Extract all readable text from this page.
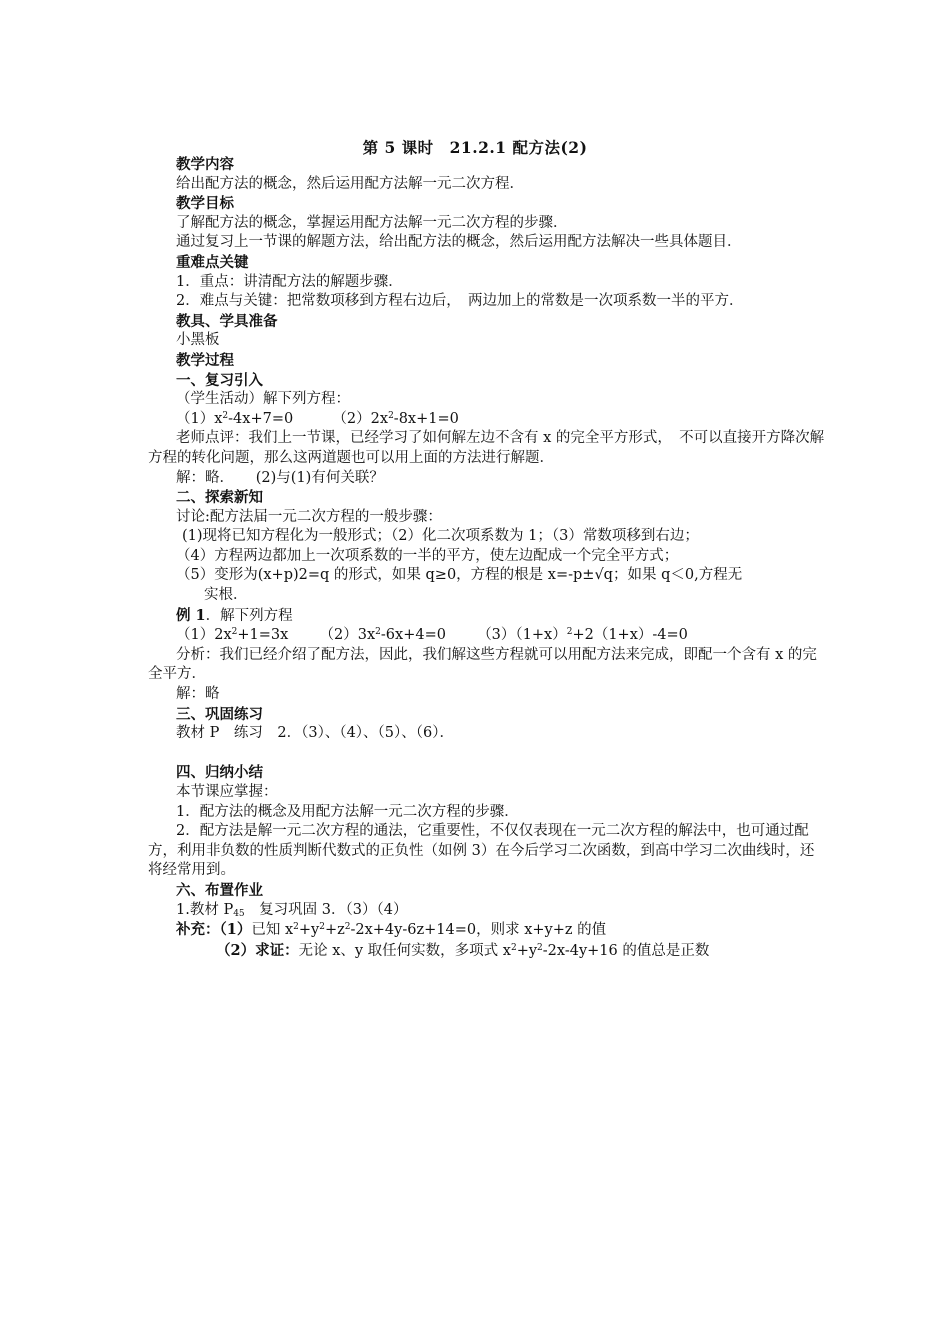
第 5 课时　21.2.1 配方法(2)
教学内容
给出配方法的概念，然后运用配方法解一元二次方程．
教学目标
了解配方法的概念，掌握运用配方法解一元二次方程的步骤．
通过复习上一节课的解题方法，给出配方法的概念，然后运用配方法解决一些具体题目．
重难点关键
1．重点：讲清配方法的解题步骤．
2．难点与关键：把常数项移到方程右边后，　两边加上的常数是一次项系数一半的平方．
教具、学具准备
小黑板
教学过程
一、复习引入
（学生活动）解下列方程：
$(1)x^2-4x+7=0$	$(2)2x^2-8x+1=0$
老师点评：我们上一节课，已经学习了如何解左边不含有 x 的完全平方形式，　不可以直接开方降次解方程的转化问题，那么这两道题也可以用上面的方法进行解题．
解：略．　　(2)与(1)有何关联？
二、探索新知
讨论:配方法届一元二次方程的一般步骤：
(1)现将已知方程化为一般形式；（2）化二次项系数为 1；（3）常数项移到右边；
（4）方程两边都加上一次项系数的一半的平方，使左边配成一个完全平方式；
（5）变形为(x+p)2=q 的形式，如果 q≥0，方程的根是 x=-p±√q；如果 q＜0,方程无
实根．
例 1．解下列方程
$(1)2x^2+1=3x$ $(2)3x^2-6x+4=0$ $(3)(1+x)^2+2(1+x)-4=0$
分析：我们已经介绍了配方法，因此，我们解这些方程就可以用配方法来完成，即配一个含有 x 的完全平方．
解：略
三、巩固练习
教材 P　练习　2．（3）、（4）、（5）、（6）．
四、归纳小结
本节课应掌握：
1．配方法的概念及用配方法解一元二次方程的步骤．
2．配方法是解一元二次方程的通法，它重要性，不仅仅表现在一元二次方程的解法中，也可通过配方，利用非负数的性质判断代数式的正负性（如例 3）在今后学习二次函数，到高中学习二次曲线时，还将经常用到。
六、布置作业
1.教材 $P_{45}$　复习巩固 3．（3）（4）
补充：（1）已知 $x^2+y^2+z^2-2x+4y-6z+14=0$，则求 x+y+z 的值
（2）求证：无论 x、y 取任何实数，多项式 $x^2+y^2-2x-4y+16$ 的值总是正数
